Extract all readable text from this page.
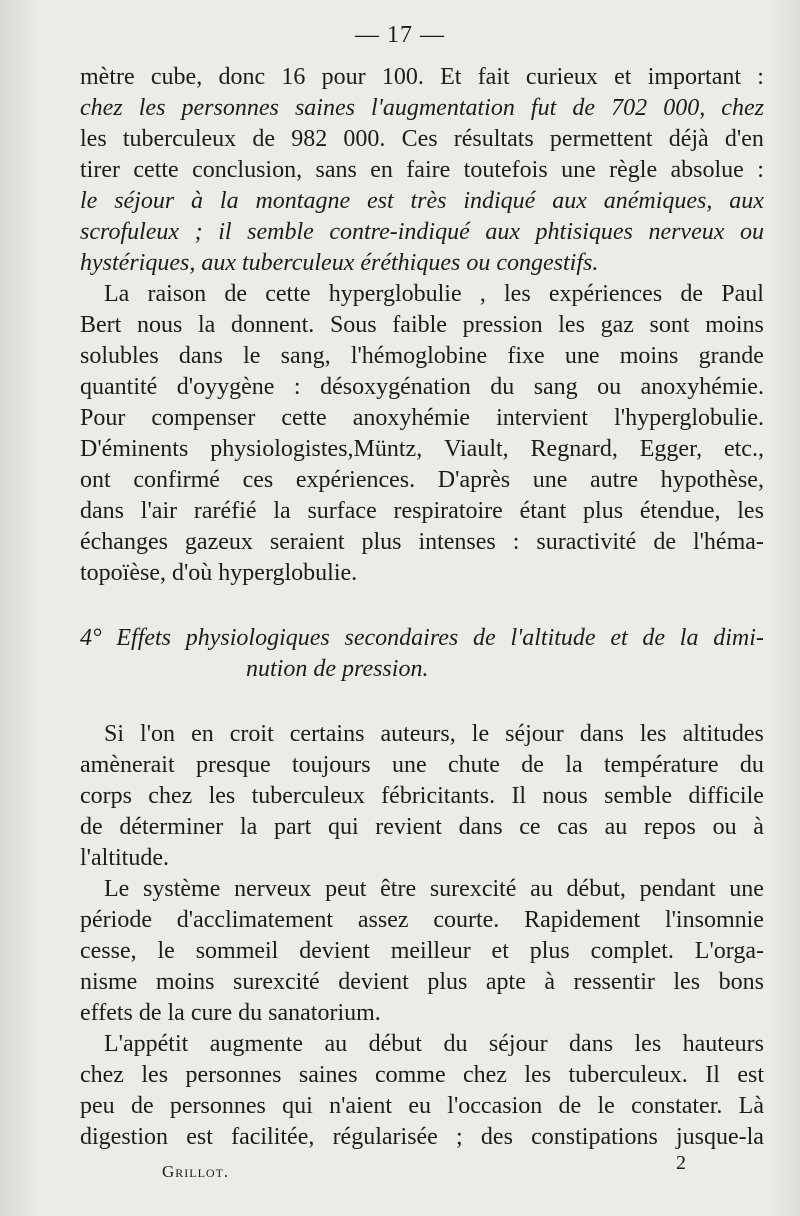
— 17 —
mètre cube, donc 16 pour 100. Et fait curieux et important :
chez les personnes saines l'augmentation fut de 702 000, chez
les tuberculeux de 982 000. Ces résultats permettent déjà d'en
tirer cette conclusion, sans en faire toutefois une règle absolue :
le séjour à la montagne est très indiqué aux anémiques, aux
scrofuleux ; il semble contre-indiqué aux phtisiques nerveux ou
hystériques, aux tuberculeux éréthiques ou congestifs.
La raison de cette hyperglobulie , les expériences de Paul
Bert nous la donnent. Sous faible pression les gaz sont moins
solubles dans le sang, l'hémoglobine fixe une moins grande
quantité d'oyygène : désoxygénation du sang ou anoxyhémie.
Pour compenser cette anoxyhémie intervient l'hyperglobulie.
D'éminents physiologistes,Müntz, Viault, Regnard, Egger, etc.,
ont confirmé ces expériences. D'après une autre hypothèse,
dans l'air raréfié la surface respiratoire étant plus étendue, les
échanges gazeux seraient plus intenses : suractivité de l'héma-
topoïèse, d'où hyperglobulie.
4° Effets physiologiques secondaires de l'altitude et de la dimi-
nution de pression.
Si l'on en croit certains auteurs, le séjour dans les altitudes
amènerait presque toujours une chute de la température du
corps chez les tuberculeux fébricitants. Il nous semble difficile
de déterminer la part qui revient dans ce cas au repos ou à
l'altitude.
Le système nerveux peut être surexcité au début, pendant une
période d'acclimatement assez courte. Rapidement l'insomnie
cesse, le sommeil devient meilleur et plus complet. L'orga-
nisme moins surexcité devient plus apte à ressentir les bons
effets de la cure du sanatorium.
L'appétit augmente au début du séjour dans les hauteurs
chez les personnes saines comme chez les tuberculeux. Il est
peu de personnes qui n'aient eu l'occasion de le constater. Là
digestion est facilitée, régularisée ; des constipations jusque-la
Grillot.	2
